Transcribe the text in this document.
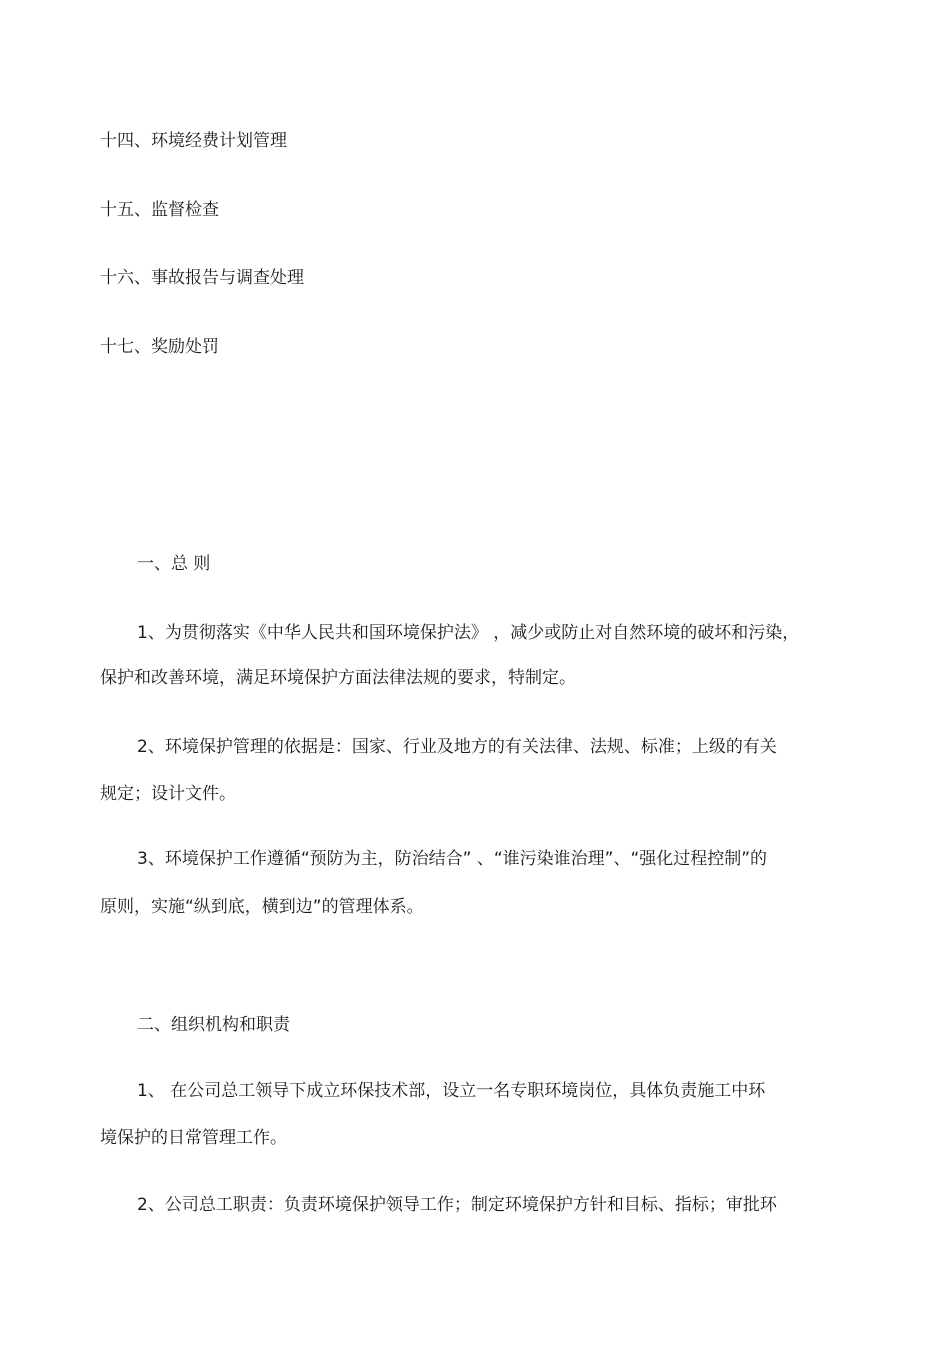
十四、环境经费计划管理
十五、监督检查
十六、事故报告与调查处理
十七、奖励处罚
一、总 则
1、为贯彻落实《中华人民共和国环境保护法》 ，减少或防止对自然环境的破坏和污染，
保护和改善环境，满足环境保护方面法律法规的要求，特制定。
2、环境保护管理的依据是：国家、行业及地方的有关法律、法规、标准；上级的有关
规定；设计文件。
3、环境保护工作遵循“预防为主，防治结合” 、“谁污染谁治理”、“强化过程控制”的
原则，实施“纵到底，横到边”的管理体系。
二、组织机构和职责
1、 在公司总工领导下成立环保技术部，设立一名专职环境岗位，具体负责施工中环
境保护的日常管理工作。
2、公司总工职责：负责环境保护领导工作；制定环境保护方针和目标、指标；审批环
